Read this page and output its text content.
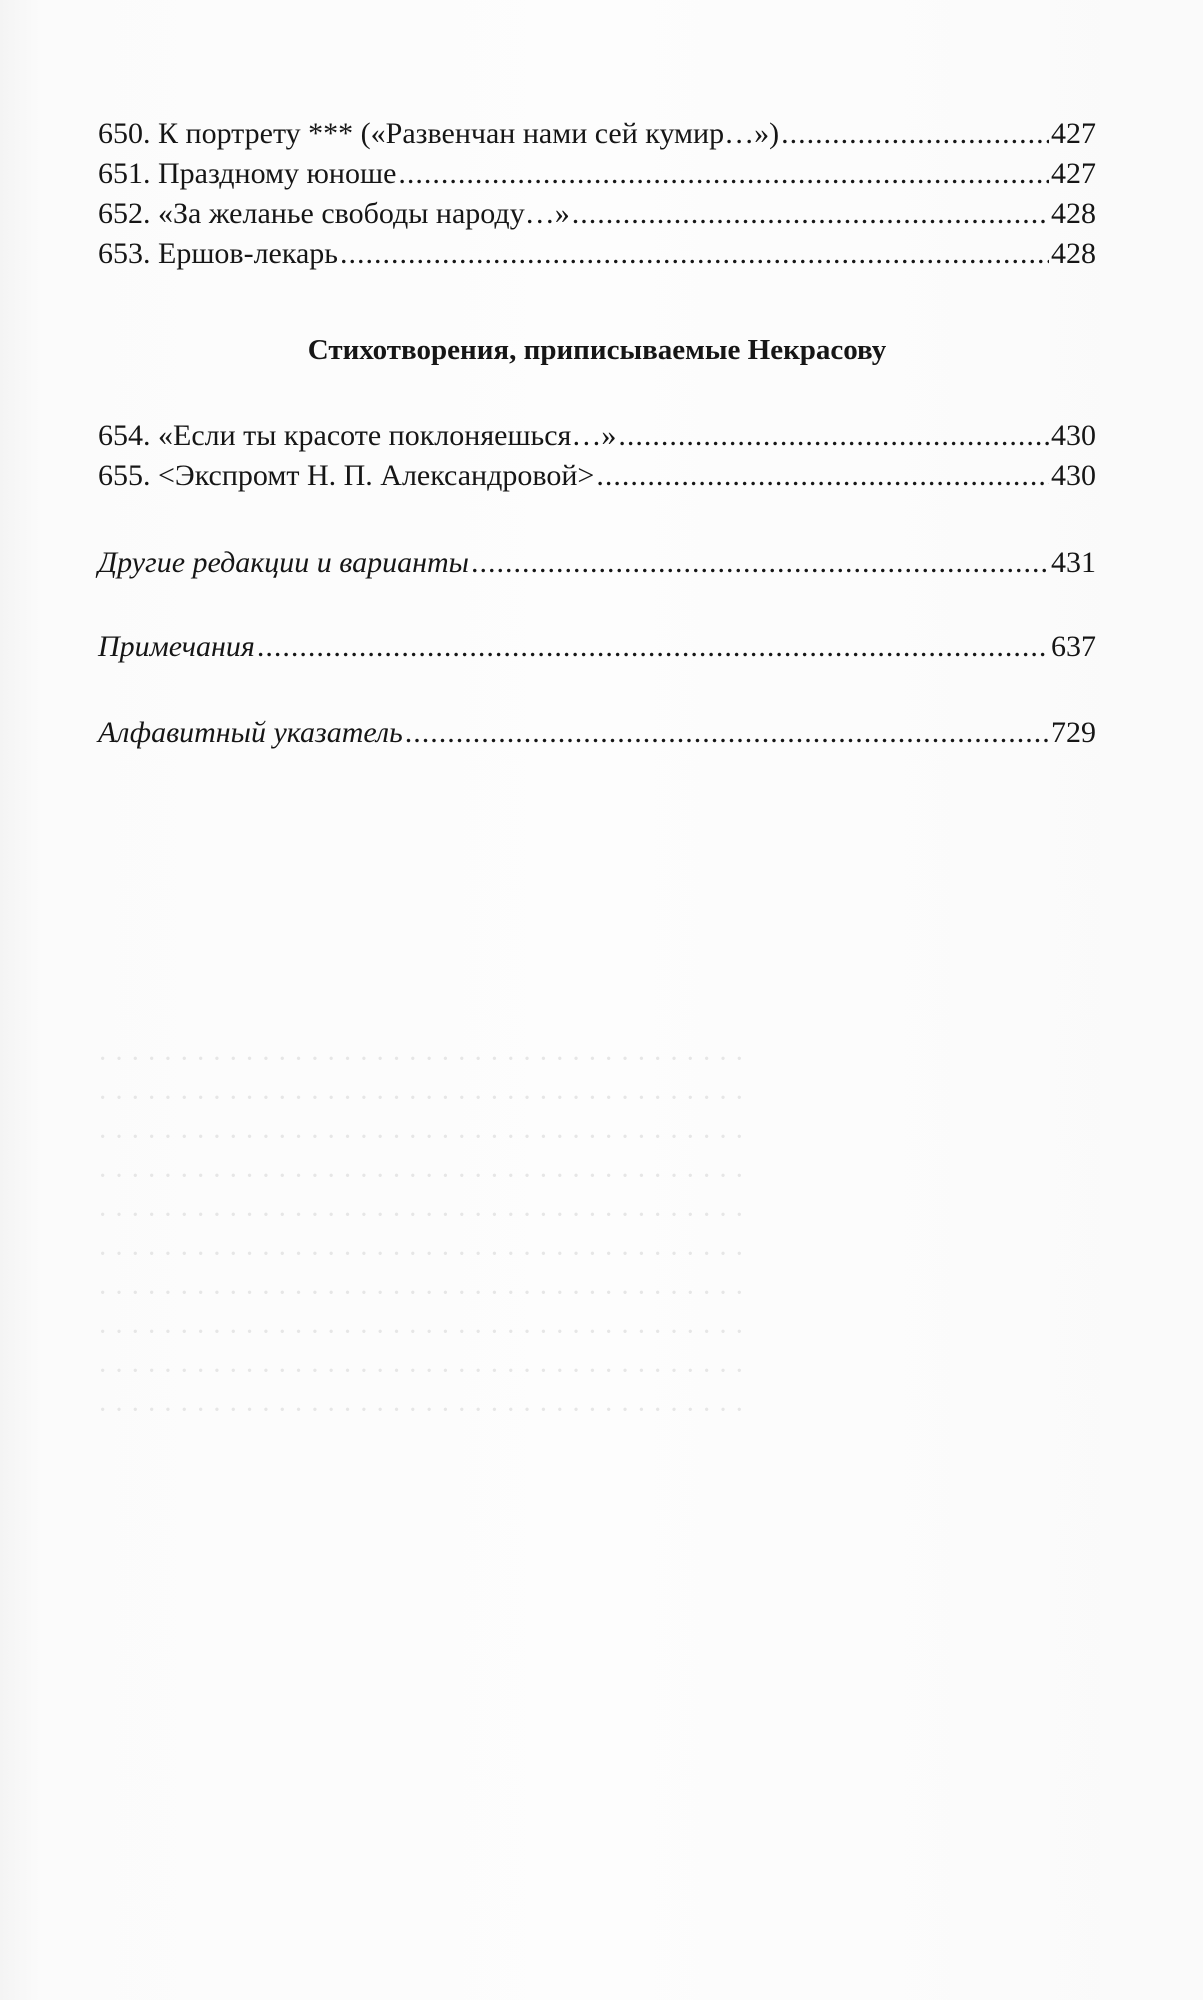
· · · · · · · · · · · · · · · · · · · · · · · · · · · · · · · · · · · · · · · ·
· · · · · · · · · · · · · · · · · · · · · · · · · · · · · · · · · · · · · · · ·
· · · · · · · · · · · · · · · · · · · · · · · · · · · · · · · · · · · · · · · ·
· · · · · · · · · · · · · · · · · · · · · · · · · · · · · · · · · · · · · · · ·
· · · · · · · · · · · · · · · · · · · · · · · · · · · · · · · · · · · · · · · ·
· · · · · · · · · · · · · · · · · · · · · · · · · · · · · · · · · · · · · · · ·
· · · · · · · · · · · · · · · · · · · · · · · · · · · · · · · · · · · · · · · ·
· · · · · · · · · · · · · · · · · · · · · · · · · · · · · · · · · · · · · · · ·
· · · · · · · · · · · · · · · · · · · · · · · · · · · · · · · · · · · · · · · ·
· · · · · · · · · · · · · · · · · · · · · · · · · · · · · · · · · · · · · · · ·
650. К портрету *** («Развенчан нами сей кумир…») .....	427
651. Праздному юноше .....	427
652. «За желанье свободы народу…» .....	428
653. Ершов-лекарь .....	428
Стихотворения, приписываемые Некрасову
654. «Если ты красоте поклоняешься…» .....	430
655. <Экспромт Н. П. Александровой> .....	430
Другие редакции и варианты .....	431
Примечания .....	637
Алфавитный указатель .....	729
